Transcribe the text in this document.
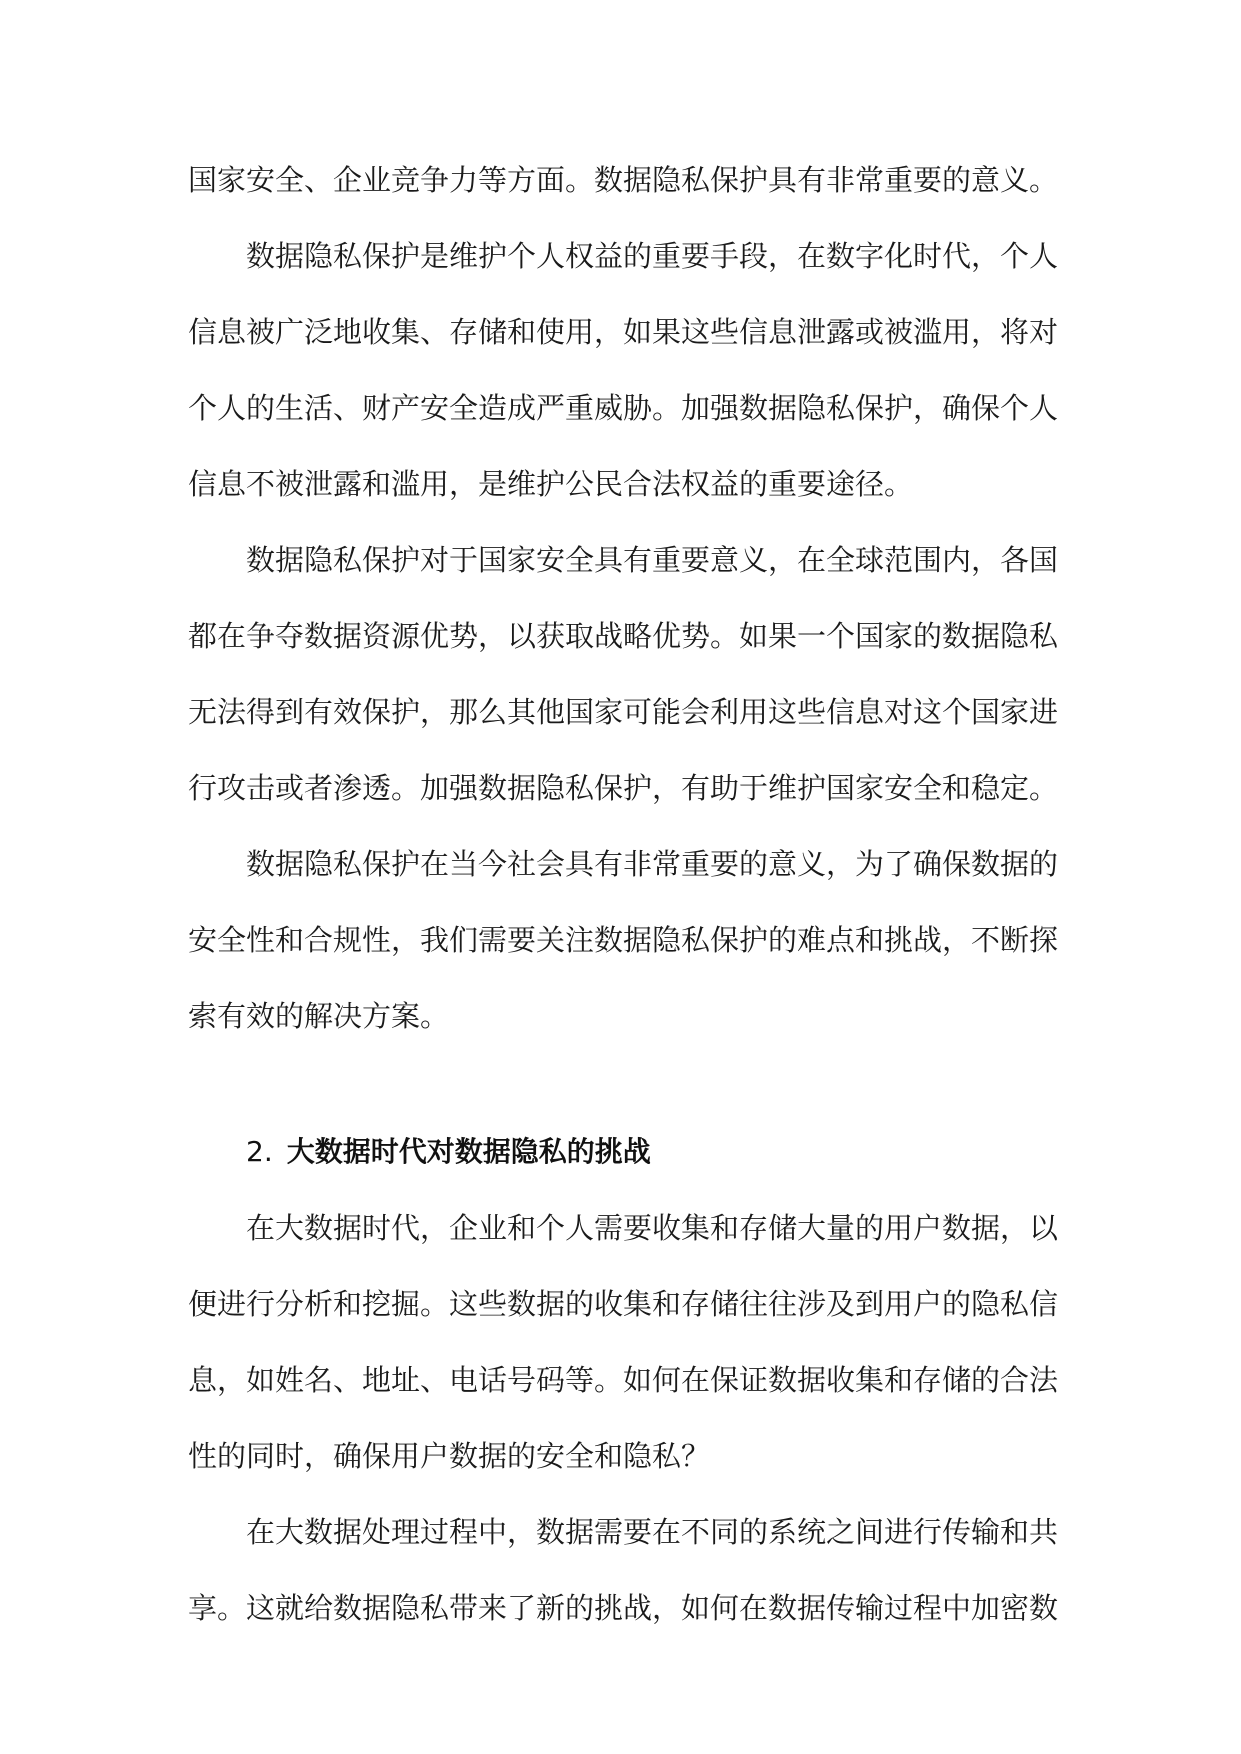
国家安全、企业竞争力等方面。数据隐私保护具有非常重要的意义。

数据隐私保护是维护个人权益的重要手段，在数字化时代，个人信息被广泛地收集、存储和使用，如果这些信息泄露或被滥用，将对个人的生活、财产安全造成严重威胁。加强数据隐私保护，确保个人信息不被泄露和滥用，是维护公民合法权益的重要途径。

数据隐私保护对于国家安全具有重要意义，在全球范围内，各国都在争夺数据资源优势，以获取战略优势。如果一个国家的数据隐私无法得到有效保护，那么其他国家可能会利用这些信息对这个国家进行攻击或者渗透。加强数据隐私保护，有助于维护国家安全和稳定。

数据隐私保护在当今社会具有非常重要的意义，为了确保数据的安全性和合规性，我们需要关注数据隐私保护的难点和挑战，不断探索有效的解决方案。

2. 大数据时代对数据隐私的挑战

在大数据时代，企业和个人需要收集和存储大量的用户数据，以便进行分析和挖掘。这些数据的收集和存储往往涉及到用户的隐私信息，如姓名、地址、电话号码等。如何在保证数据收集和存储的合法性的同时，确保用户数据的安全和隐私？

在大数据处理过程中，数据需要在不同的系统之间进行传输和共享。这就给数据隐私带来了新的挑战，如何在数据传输过程中加密数
